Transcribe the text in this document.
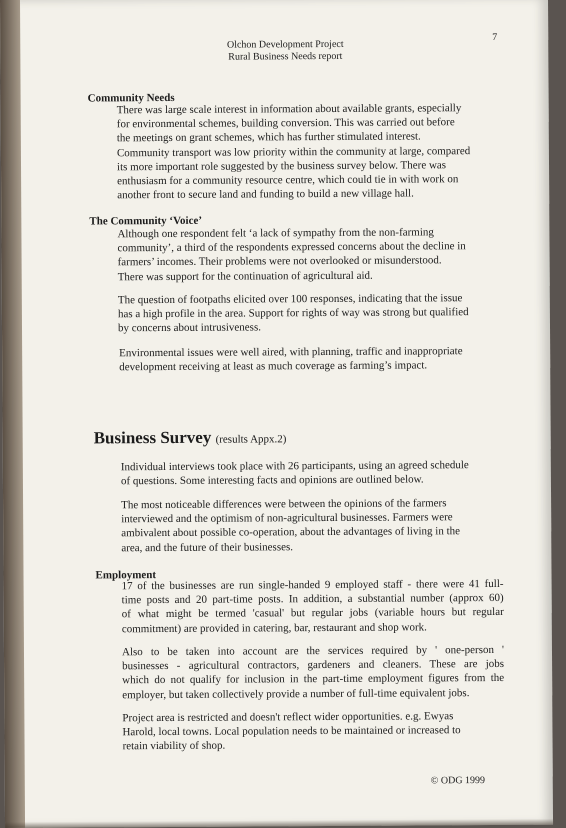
Olchon Development Project
Rural Business Needs report
7
Community Needs
There was large scale interest in information about available grants, especially
for environmental schemes, building conversion. This was carried out before
the meetings on grant schemes, which has further stimulated interest.
Community transport was low priority within the community at large, compared
its more important role suggested by the business survey below. There was
enthusiasm for a community resource centre, which could tie in with work on
another front to secure land and funding to build a new village hall.
The Community ‘Voice’
Although one respondent felt ‘a lack of sympathy from the non-farming
community’, a third of the respondents expressed concerns about the decline in
farmers’ incomes. Their problems were not overlooked or misunderstood.
There was support for the continuation of agricultural aid.
The question of footpaths elicited over 100 responses, indicating that the issue
has a high profile in the area. Support for rights of way was strong but qualified
by concerns about intrusiveness.
Environmental issues were well aired, with planning, traffic and inappropriate
development receiving at least as much coverage as farming’s impact.
Business Survey (results Appx.2)
Individual interviews took place with 26 participants, using an agreed schedule
of questions. Some interesting facts and opinions are outlined below.
The most noticeable differences were between the opinions of the farmers
interviewed and the optimism of non-agricultural businesses. Farmers were
ambivalent about possible co-operation, about the advantages of living in the
area, and the future of their businesses.
Employment
17 of the businesses are run single-handed 9 employed staff - there were 41 full-
time posts and 20 part-time posts. In addition, a substantial number (approx 60)
of what might be termed 'casual' but regular jobs (variable hours but regular
commitment) are provided in catering, bar, restaurant and shop work.
Also to be taken into account are the services required by ' one-person '
businesses - agricultural contractors, gardeners and cleaners. These are jobs
which do not qualify for inclusion in the part-time employment figures from the
employer, but taken collectively provide a number of full-time equivalent jobs.
Project area is restricted and doesn't reflect wider opportunities. e.g. Ewyas
Harold, local towns. Local population needs to be maintained or increased to
retain viability of shop.
© ODG 1999
